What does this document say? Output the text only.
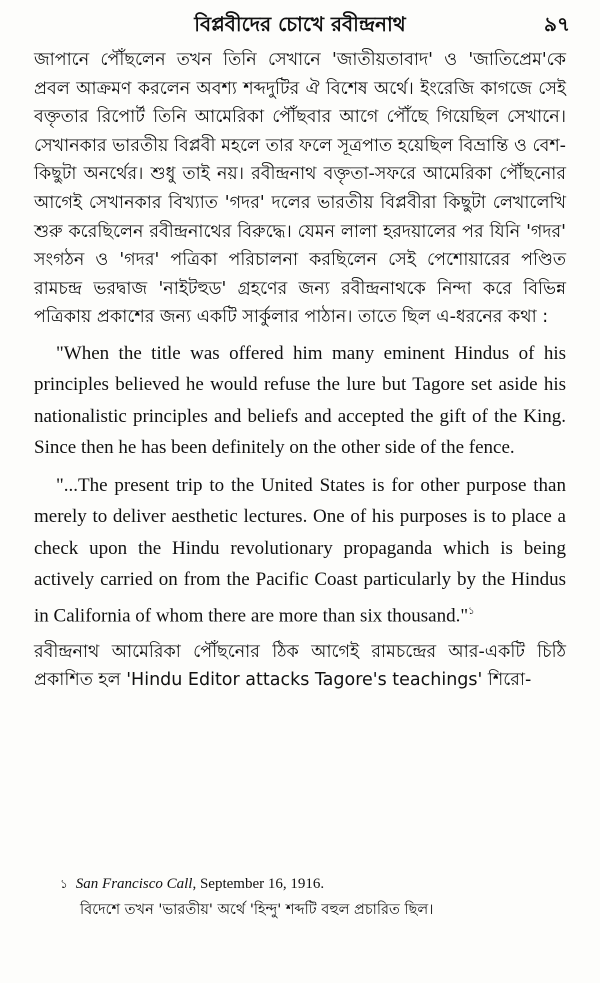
বিপ্লবীদের চোখে রবীন্দ্রনাথ	৯৭

জাপানে পৌঁছলেন তখন তিনি সেখানে 'জাতীয়তাবাদ' ও 'জাতিপ্রেম'কে প্রবল আক্রমণ করলেন অবশ্য শব্দদুটির ঐ বিশেষ অর্থে। ইংরেজি কাগজে সেই বক্তৃতার রিপোর্ট তিনি আমেরিকা পৌঁছবার আগে পৌঁছে গিয়েছিল সেখানে। সেখানকার ভারতীয় বিপ্লবী মহলে তার ফলে সূত্রপাত হয়েছিল বিভ্রান্তি ও বেশ-কিছুটা অনর্থের। শুধু তাই নয়। রবীন্দ্রনাথ বক্তৃতা-সফরে আমেরিকা পৌঁছনোর আগেই সেখানকার বিখ্যাত 'গদর' দলের ভারতীয় বিপ্লবীরা কিছুটা লেখালেখি শুরু করেছিলেন রবীন্দ্রনাথের বিরুদ্ধে। যেমন লালা হরদয়ালের পর যিনি 'গদর' সংগঠন ও 'গদর' পত্রিকা পরিচালনা করছিলেন সেই পেশোয়ারের পণ্ডিত রামচন্দ্র ভরদ্বাজ 'নাইটহুড' গ্রহণের জন্য রবীন্দ্রনাথকে নিন্দা করে বিভিন্ন পত্রিকায় প্রকাশের জন্য একটি সার্কুলার পাঠান। তাতে ছিল এ-ধরনের কথা :

"When the title was offered him many eminent Hindus of his principles believed he would refuse the lure but Tagore set aside his nationalistic principles and beliefs and accepted the gift of the King. Since then he has been definitely on the other side of the fence.

"...The present trip to the United States is for other purpose than merely to deliver aesthetic lectures. One of his purposes is to place a check upon the Hindu revolutionary propaganda which is being actively carried on from the Pacific Coast particularly by the Hindus in California of whom there are more than six thousand."$^১$

রবীন্দ্রনাথ আমেরিকা পৌঁছনোর ঠিক আগেই রামচন্দ্রের আর-একটি চিঠি প্রকাশিত হল 'Hindu Editor attacks Tagore's teachings' শিরো-

১ San Francisco Call, September 16, 1916.
বিদেশে তখন 'ভারতীয়' অর্থে 'হিন্দু' শব্দটি বহুল প্রচারিত ছিল।
